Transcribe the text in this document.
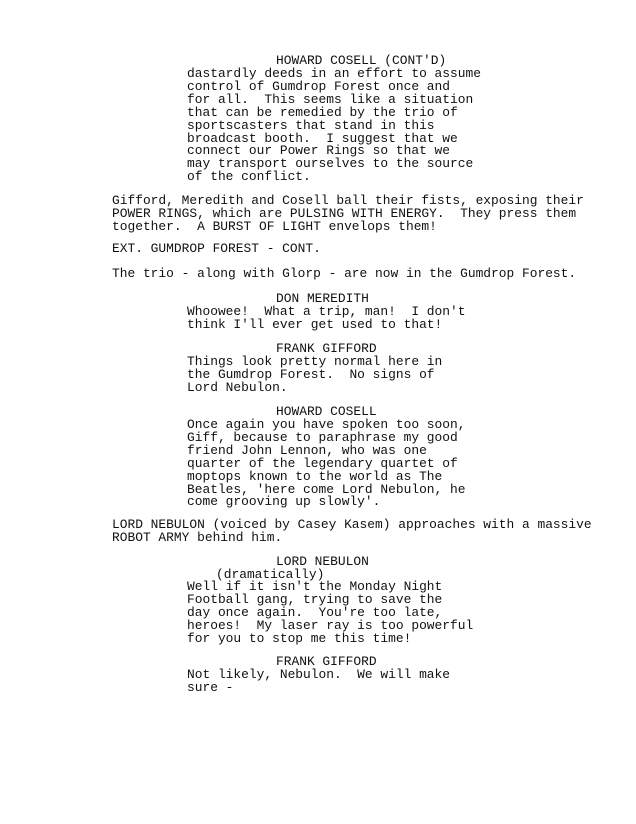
HOWARD COSELL (CONT'D)
dastardly deeds in an effort to assume
control of Gumdrop Forest once and
for all.  This seems like a situation
that can be remedied by the trio of
sportscasters that stand in this
broadcast booth.  I suggest that we
connect our Power Rings so that we
may transport ourselves to the source
of the conflict.
Gifford, Meredith and Cosell ball their fists, exposing their
POWER RINGS, which are PULSING WITH ENERGY.  They press them
together.  A BURST OF LIGHT envelops them!
EXT. GUMDROP FOREST - CONT.
The trio - along with Glorp - are now in the Gumdrop Forest.
DON MEREDITH
Whoowee!  What a trip, man!  I don't
think I'll ever get used to that!
FRANK GIFFORD
Things look pretty normal here in
the Gumdrop Forest.  No signs of
Lord Nebulon.
HOWARD COSELL
Once again you have spoken too soon,
Giff, because to paraphrase my good
friend John Lennon, who was one
quarter of the legendary quartet of
moptops known to the world as The
Beatles, 'here come Lord Nebulon, he
come grooving up slowly'.
LORD NEBULON (voiced by Casey Kasem) approaches with a massive
ROBOT ARMY behind him.
LORD NEBULON
(dramatically)
Well if it isn't the Monday Night
Football gang, trying to save the
day once again.  You're too late,
heroes!  My laser ray is too powerful
for you to stop me this time!
FRANK GIFFORD
Not likely, Nebulon.  We will make
sure -
